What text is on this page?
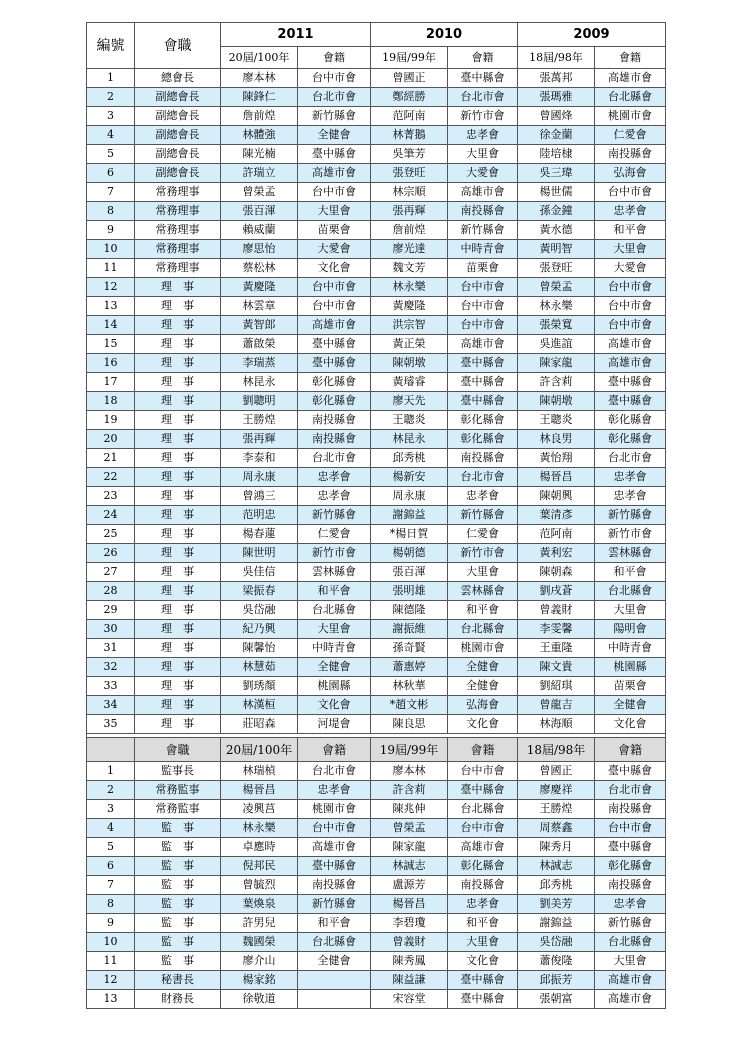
編號	會職	2011		2010		2009	
		20屆/100年	會籍	19屆/99年	會籍	18屆/98年	會籍
1	總會長	廖本林	台中市會	曾國正	臺中縣會	張萬邦	高雄市會
2	副總會長	陳鋒仁	台北市會	鄭經勝	台北市會	張瑪雅	台北縣會
3	副總會長	詹前煌	新竹縣會	范阿南	新竹市會	曾國烽	桃園市會
4	副總會長	林體強	全健會	林菁鵝	忠孝會	徐金蘭	仁愛會
5	副總會長	陳光楠	臺中縣會	吳筆芳	大里會	陸培棣	南投縣會
6	副總會長	許瑞立	高雄市會	張登旺	大愛會	吳三瑋	弘海會
7	常務理事	曾榮孟	台中市會	林宗順	高雄市會	楊世儒	台中市會
8	常務理事	張百渾	大里會	張再輝	南投縣會	孫金鐘	忠孝會
9	常務理事	賴威蘭	苗栗會	詹前煌	新竹縣會	黃水德	和平會
10	常務理事	廖思怡	大愛會	廖光達	中時青會	黃明智	大里會
11	常務理事	蔡松林	文化會	魏文芳	苗栗會	張登旺	大愛會
12	理　事	黃慶隆	台中市會	林永樂	台中市會	曾榮孟	台中市會
13	理　事	林雲章	台中市會	黃慶隆	台中市會	林永樂	台中市會
14	理　事	黃智郎	高雄市會	洪宗智	台中市會	張榮寬	台中市會
15	理　事	蕭啟榮	臺中縣會	黃正榮	高雄市會	吳進誼	高雄市會
16	理　事	李瑞蒸	臺中縣會	陳朝墩	臺中縣會	陳家龍	高雄市會
17	理　事	林昆永	彰化縣會	黃璿睿	臺中縣會	許含莉	臺中縣會
18	理　事	劉聰明	彰化縣會	廖天先	臺中縣會	陳朝墩	臺中縣會
19	理　事	王勝煌	南投縣會	王聰炎	彰化縣會	王聰炎	彰化縣會
20	理　事	張再輝	南投縣會	林昆永	彰化縣會	林良男	彰化縣會
21	理　事	李泰和	台北市會	邱秀桃	南投縣會	黃怡翔	台北市會
22	理　事	周永康	忠孝會	楊新安	台北市會	楊晉昌	忠孝會
23	理　事	曾鴻三	忠孝會	周永康	忠孝會	陳朝興	忠孝會
24	理　事	范明忠	新竹縣會	謝錦益	新竹縣會	葉清彥	新竹縣會
25	理　事	楊春蓮	仁愛會	*楊日賀	仁愛會	范阿南	新竹市會
26	理　事	陳世明	新竹市會	楊朝德	新竹市會	黃利宏	雲林縣會
27	理　事	吳佳信	雲林縣會	張百渾	大里會	陳朝森	和平會
28	理　事	梁振春	和平會	張明雄	雲林縣會	劉戌蒼	台北縣會
29	理　事	吳岱融	台北縣會	陳德隆	和平會	曾義財	大里會
30	理　事	紀乃興	大里會	謝振維	台北縣會	李雯馨	陽明會
31	理　事	陳馨怡	中時青會	孫奇賢	桃園市會	王重隆	中時青會
32	理　事	林慧茹	全健會	蕭惠婷	全健會	陳文貴	桃園縣
33	理　事	劉琇顏	桃園縣	林秋華	全健會	劉紹琪	苗栗會
34	理　事	林漢桓	文化會	*趙文彬	弘海會	曾龍吉	全健會
35	理　事	莊昭森	河堤會	陳良思	文化會	林海順	文化會

	會職	20屆/100年	會籍	19屆/99年	會籍	18屆/98年	會籍
1	監事長	林瑞楨	台北市會	廖本林	台中市會	曾國正	臺中縣會
2	常務監事	楊晉昌	忠孝會	許含莉	臺中縣會	廖慶祥	台北市會
3	常務監事	凌興莒	桃園市會	陳兆伸	台北縣會	王勝煌	南投縣會
4	監　事	林永樂	台中市會	曾榮孟	台中市會	周蔡鑫	台中市會
5	監　事	卓應時	高雄市會	陳家龍	高雄市會	陳秀月	臺中縣會
6	監　事	倪邦民	臺中縣會	林誠志	彰化縣會	林誠志	彰化縣會
7	監　事	曾毓烈	南投縣會	盧源芳	南投縣會	邱秀桃	南投縣會
8	監　事	葉煥泉	新竹縣會	楊晉昌	忠孝會	劉美芳	忠孝會
9	監　事	許男兒	和平會	李碧瓊	和平會	謝錦益	新竹縣會
10	監　事	魏國榮	台北縣會	曾義財	大里會	吳岱融	台北縣會
11	監　事	廖介山	全健會	陳秀鳳	文化會	蕭俊隆	大里會
12	秘書長	楊家銘		陳益謙	臺中縣會	邱振芳	高雄市會
13	財務長	徐敬道		宋容堂	臺中縣會	張朝富	高雄市會
